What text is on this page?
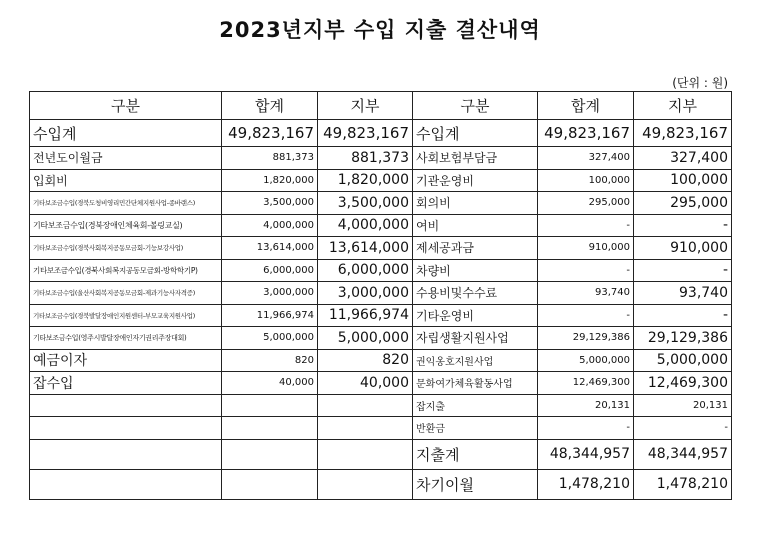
2023년지부 수입 지출 결산내역
(단위 : 원)
구분	합계	지부	구분	합계	지부
수입계	49,823,167	49,823,167	수입계	49,823,167	49,823,167
전년도이월금	881,373	881,373	사회보험부담금	327,400	327,400
입회비	1,820,000	1,820,000	기관운영비	100,000	100,000
기타보조금수입(경북도청비영리민간단체지원사업-종바랜스)	3,500,000	3,500,000	회의비	295,000	295,000
기타보조금수입(경북장애인체육회-볼링교실)	4,000,000	4,000,000	여비	-	-
기타보조금수입(경북사회복지공동모금회-기능보강사업)	13,614,000	13,614,000	제세공과금	910,000	910,000
기타보조금수입(경북사회복지공동모금회-방학학기P)	6,000,000	6,000,000	차량비	-	-
기타보조금수입(울산사회복지공동모금회-제과기능사자격증)	3,000,000	3,000,000	수용비및수수료	93,740	93,740
기타보조금수입(경북발달장애인지원센터-부모교육지원사업)	11,966,974	11,966,974	기타운영비	-	-
기타보조금수입(영주시발달장애인자기권리주장대회)	5,000,000	5,000,000	자립생활지원사업	29,129,386	29,129,386
예금이자	820	820	권익옹호지원사업	5,000,000	5,000,000
잡수입	40,000	40,000	문화여가체육활동사업	12,469,300	12,469,300
			잡지출	20,131	20,131
			반환금	-	-
			지출계	48,344,957	48,344,957
			차기이월	1,478,210	1,478,210
